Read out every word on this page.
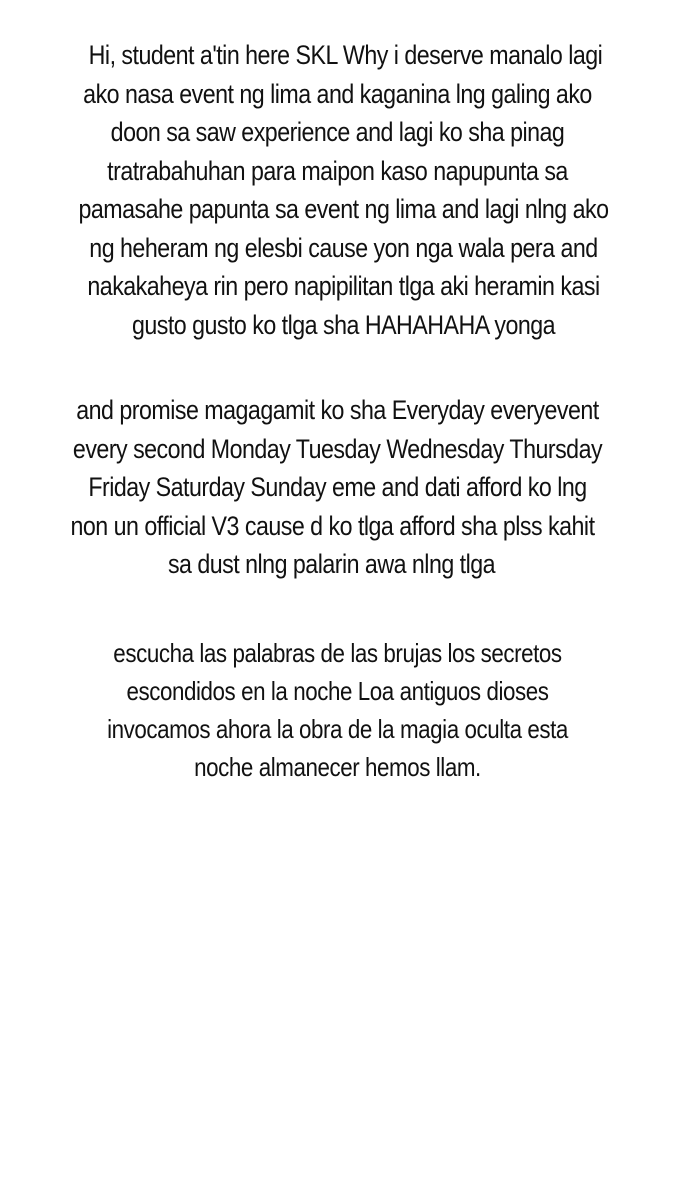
Hi, student a'tin here SKL Why i deserve manalo lagi
ako nasa event ng lima and kaganina lng galing ako
doon sa saw experience and lagi ko sha pinag
tratrabahuhan para maipon kaso napupunta sa
pamasahe papunta sa event ng lima and lagi nlng ako
ng heheram ng elesbi cause yon nga wala pera and
nakakaheya rin pero napipilitan tlga aki heramin kasi
gusto gusto ko tlga sha HAHAHAHA yonga
and promise magagamit ko sha Everyday everyevent
every second Monday Tuesday Wednesday Thursday
Friday Saturday Sunday eme and dati afford ko lng
non un official V3 cause d ko tlga afford sha plss kahit
sa dust nlng palarin awa nlng tlga
escucha las palabras de las brujas los secretos
escondidos en la noche Loa antiguos dioses
invocamos ahora la obra de la magia oculta esta
noche almanecer hemos llam.
